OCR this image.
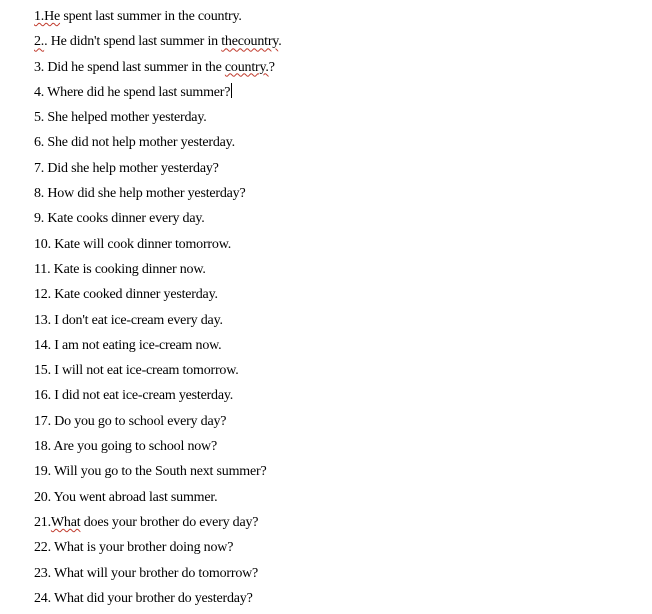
1.He spent last summer in the country.
2.. He didn't spend last summer in thecountry.
3. Did he spend last summer in the country.?
4. Where did he spend last summer?
5. She helped mother yesterday.
6. She did not help mother yesterday.
7. Did she help mother yesterday?
8. How did she help mother yesterday?
9. Kate cooks dinner every day.
10. Kate will cook dinner tomorrow.
11. Kate is cooking dinner now.
12. Kate cooked dinner yesterday.
13. I don't eat ice-cream every day.
14. I am not eating ice-cream now.
15. I will not eat ice-cream tomorrow.
16. I did not eat ice-cream yesterday.
17. Do you go to school every day?
18. Are you going to school now?
19. Will you go to the South next summer?
20. You went abroad last summer.
21.What does your brother do every day?
22. What is your brother doing now?
23. What will your brother do tomorrow?
24. What did your brother do yesterday?
